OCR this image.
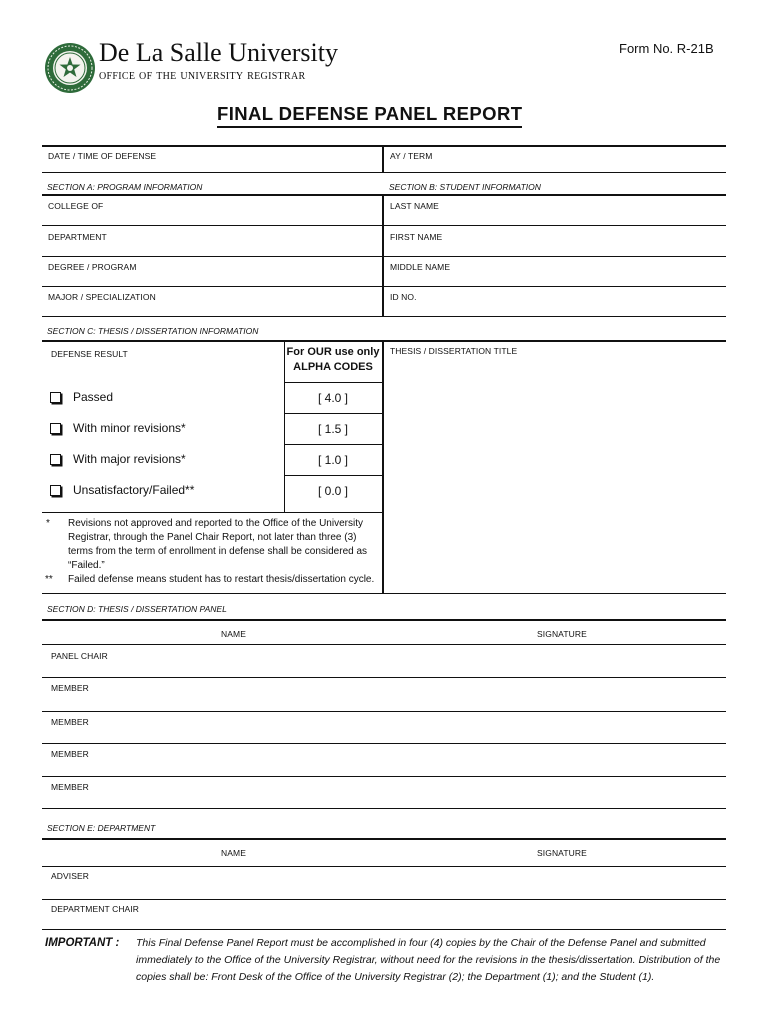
De La Salle University
office of the university registrar
Form No. R-21B
FINAL DEFENSE PANEL REPORT
DATE / TIME OF DEFENSE	AY / TERM
SECTION A: PROGRAM INFORMATION	SECTION B: STUDENT INFORMATION
COLLEGE OF	LAST NAME
DEPARTMENT	FIRST NAME
DEGREE / PROGRAM	MIDDLE NAME
MAJOR / SPECIALIZATION	ID NO.
SECTION C: THESIS / DISSERTATION INFORMATION
DEFENSE RESULT	For OUR use only
ALPHA CODES
THESIS / DISSERTATION TITLE
Passed	[ 4.0 ]
With minor revisions*	[ 1.5 ]
With major revisions*	[ 1.0 ]
Unsatisfactory/Failed**	[ 0.0 ]
* Revisions not approved and reported to the Office of the University Registrar, through the Panel Chair Report, not later than three (3) terms from the term of enrollment in defense shall be considered as “Failed.”
** Failed defense means student has to restart thesis/dissertation cycle.
SECTION D: THESIS / DISSERTATION PANEL
NAME	SIGNATURE
PANEL CHAIR
MEMBER
MEMBER
MEMBER
MEMBER
SECTION E: DEPARTMENT
NAME	SIGNATURE
ADVISER
DEPARTMENT CHAIR
IMPORTANT : This Final Defense Panel Report must be accomplished in four (4) copies by the Chair of the Defense Panel and submitted immediately to the Office of the University Registrar, without need for the revisions in the thesis/dissertation. Distribution of the copies shall be: Front Desk of the Office of the University Registrar (2); the Department (1); and the Student (1).
